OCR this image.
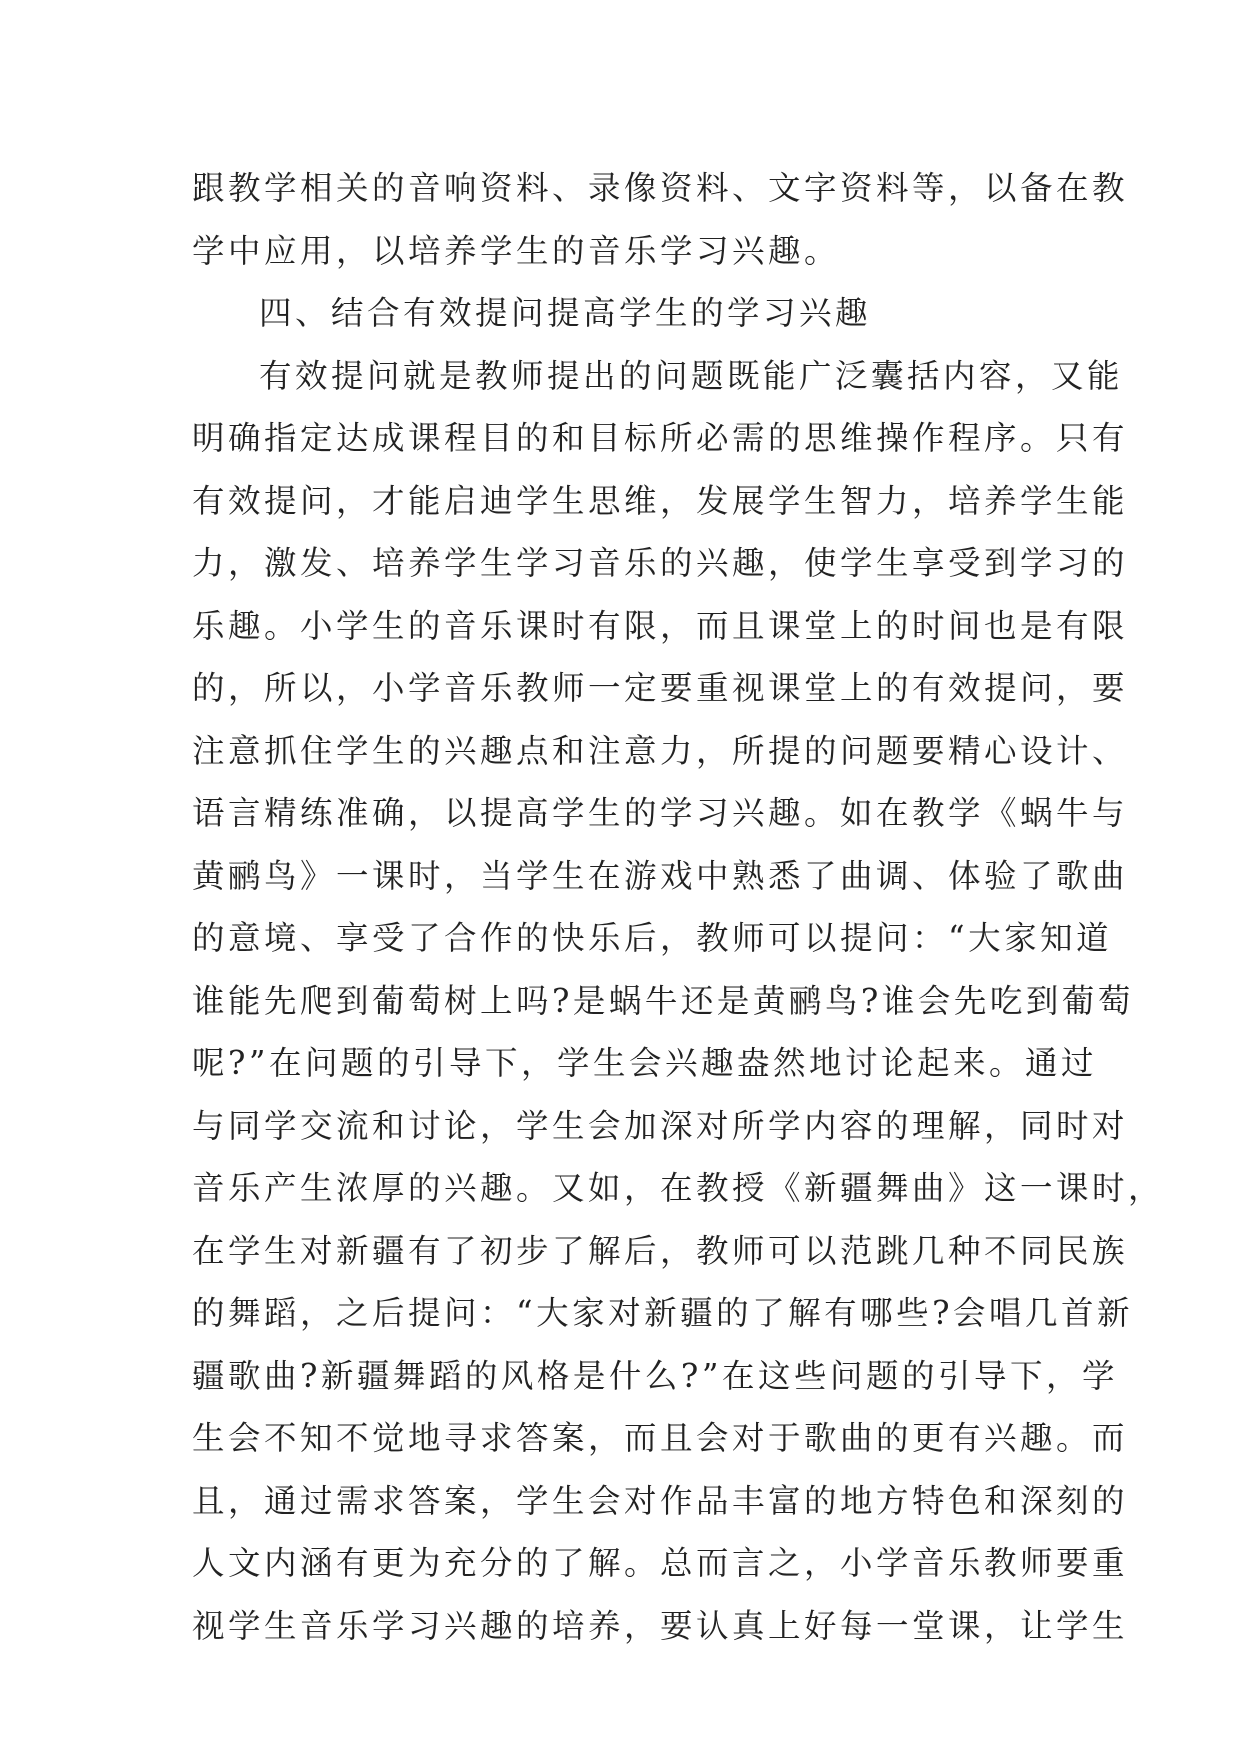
跟教学相关的音响资料、录像资料、文字资料等，以备在教
学中应用，以培养学生的音乐学习兴趣。
四、结合有效提问提高学生的学习兴趣
有效提问就是教师提出的问题既能广泛囊括内容，又能
明确指定达成课程目的和目标所必需的思维操作程序。只有
有效提问，才能启迪学生思维，发展学生智力，培养学生能
力，激发、培养学生学习音乐的兴趣，使学生享受到学习的
乐趣。小学生的音乐课时有限，而且课堂上的时间也是有限
的，所以，小学音乐教师一定要重视课堂上的有效提问，要
注意抓住学生的兴趣点和注意力，所提的问题要精心设计、
语言精练准确，以提高学生的学习兴趣。如在教学《蜗牛与
黄鹂鸟》一课时，当学生在游戏中熟悉了曲调、体验了歌曲
的意境、享受了合作的快乐后，教师可以提问：“大家知道
谁能先爬到葡萄树上吗?是蜗牛还是黄鹂鸟?谁会先吃到葡萄
呢?”在问题的引导下，学生会兴趣盎然地讨论起来。通过
与同学交流和讨论，学生会加深对所学内容的理解，同时对
音乐产生浓厚的兴趣。又如，在教授《新疆舞曲》这一课时，
在学生对新疆有了初步了解后，教师可以范跳几种不同民族
的舞蹈，之后提问：“大家对新疆的了解有哪些?会唱几首新
疆歌曲?新疆舞蹈的风格是什么?”在这些问题的引导下，学
生会不知不觉地寻求答案，而且会对于歌曲的更有兴趣。而
且，通过需求答案，学生会对作品丰富的地方特色和深刻的
人文内涵有更为充分的了解。总而言之，小学音乐教师要重
视学生音乐学习兴趣的培养，要认真上好每一堂课，让学生
